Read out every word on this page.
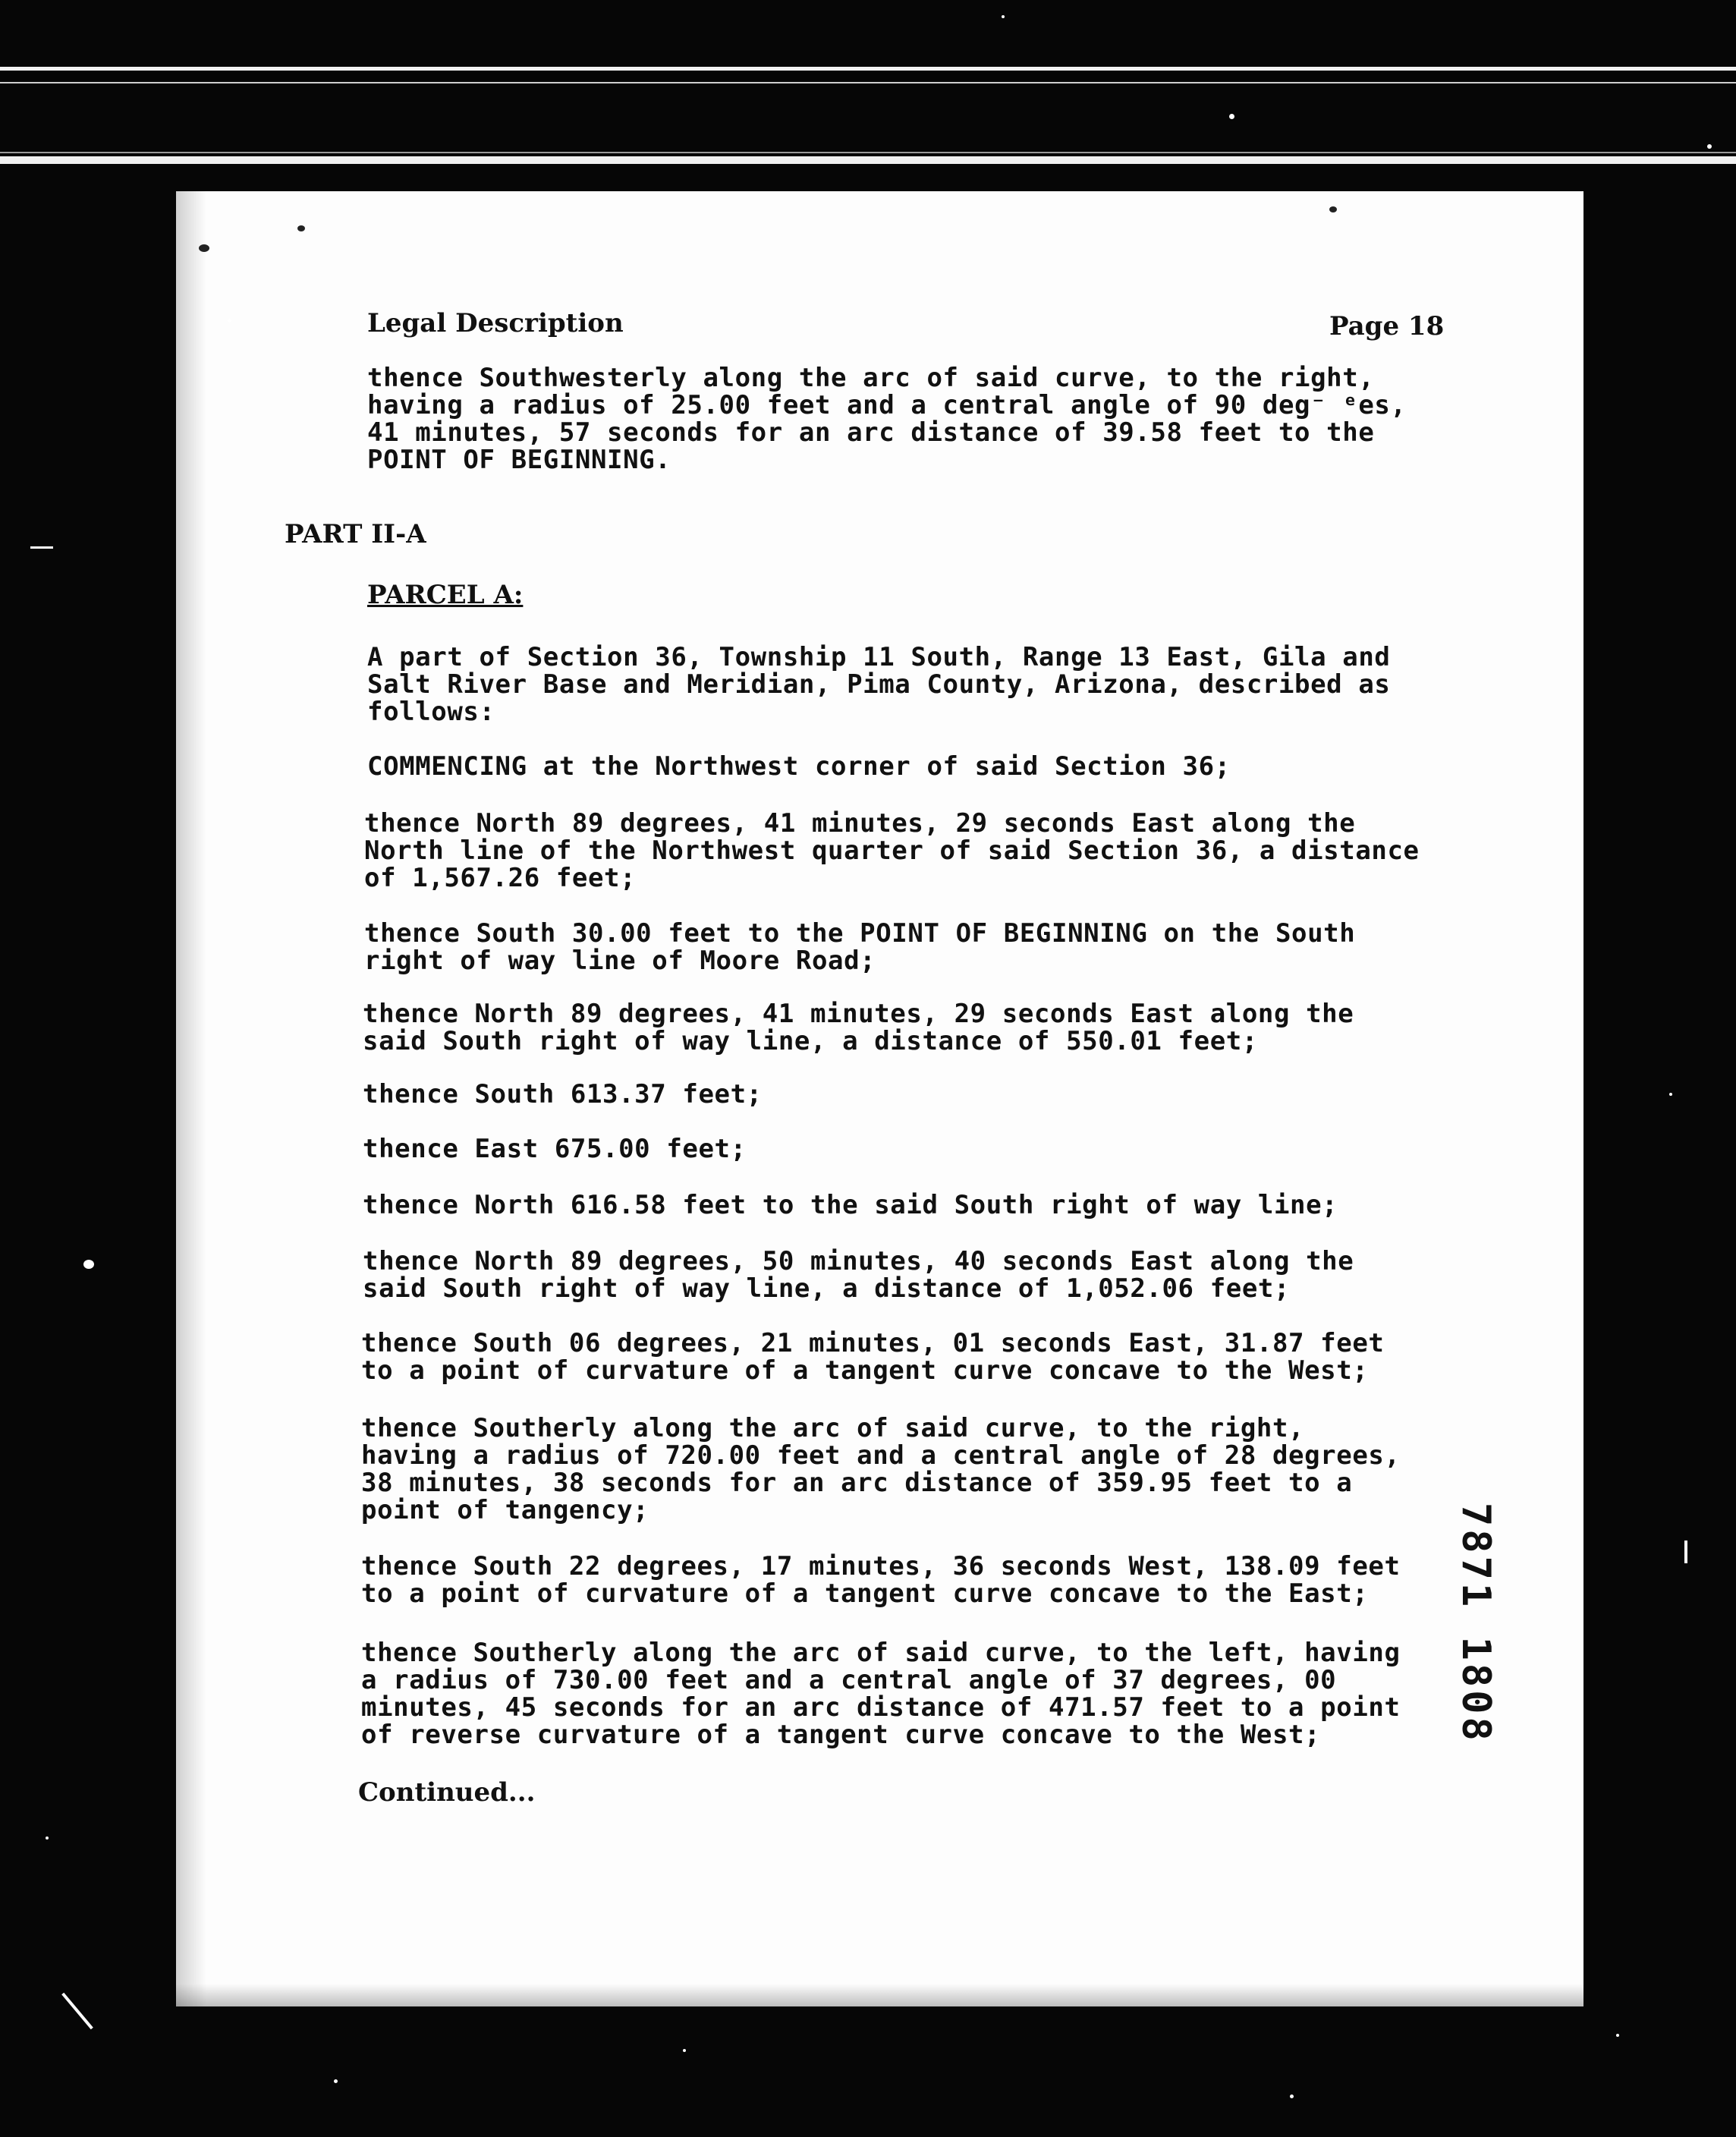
Legal Description	Page 18
thence Southwesterly along the arc of said curve, to the right,
having a radius of 25.00 feet and a central angle of 90 deg⁻ ᵉes,
41 minutes, 57 seconds for an arc distance of 39.58 feet to the
POINT OF BEGINNING.
PART II-A
PARCEL A:
A part of Section 36, Township 11 South, Range 13 East, Gila and
Salt River Base and Meridian, Pima County, Arizona, described as
follows:
COMMENCING at the Northwest corner of said Section 36;
thence North 89 degrees, 41 minutes, 29 seconds East along the
North line of the Northwest quarter of said Section 36, a distance
of 1,567.26 feet;
thence South 30.00 feet to the POINT OF BEGINNING on the South
right of way line of Moore Road;
thence North 89 degrees, 41 minutes, 29 seconds East along the
said South right of way line, a distance of 550.01 feet;
thence South 613.37 feet;
thence East 675.00 feet;
thence North 616.58 feet to the said South right of way line;
thence North 89 degrees, 50 minutes, 40 seconds East along the
said South right of way line, a distance of 1,052.06 feet;
thence South 06 degrees, 21 minutes, 01 seconds East, 31.87 feet
to a point of curvature of a tangent curve concave to the West;
thence Southerly along the arc of said curve, to the right,
having a radius of 720.00 feet and a central angle of 28 degrees,
38 minutes, 38 seconds for an arc distance of 359.95 feet to a
point of tangency;
thence South 22 degrees, 17 minutes, 36 seconds West, 138.09 feet
to a point of curvature of a tangent curve concave to the East;
thence Southerly along the arc of said curve, to the left, having
a radius of 730.00 feet and a central angle of 37 degrees, 00
minutes, 45 seconds for an arc distance of 471.57 feet to a point
of reverse curvature of a tangent curve concave to the West;
Continued...
7871 1808
